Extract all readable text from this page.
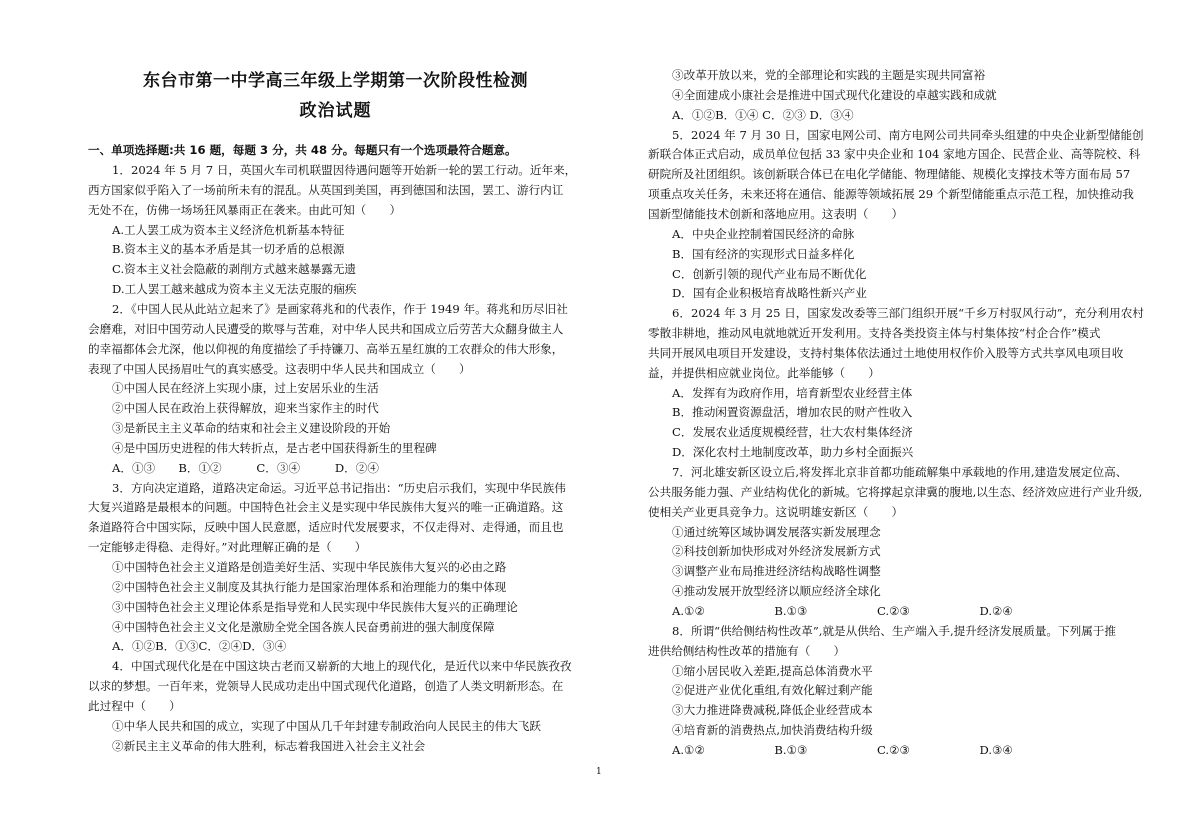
东台市第一中学高三年级上学期第一次阶段性检测
政治试题
一、单项选择题:共 16 题，每题 3 分，共 48 分。每题只有一个选项最符合题意。
1．2024 年 5 月 7 日，英国火车司机联盟因待遇问题等开始新一轮的罢工行动。近年来，
西方国家似乎陷入了一场前所未有的混乱。从英国到美国，再到德国和法国，罢工、游行内讧
无处不在，仿佛一场场狂风暴雨正在袭来。由此可知（　　）
A.工人罢工成为资本主义经济危机新基本特征
B.资本主义的基本矛盾是其一切矛盾的总根源
C.资本主义社会隐蔽的剥削方式越来越暴露无遗
D.工人罢工越来越成为资本主义无法克服的痼疾
2．《中国人民从此站立起来了》是画家蒋兆和的代表作，作于 1949 年。蒋兆和历尽旧社
会磨难，对旧中国劳动人民遭受的欺辱与苦难，对中华人民共和国成立后劳苦大众翻身做主人
的幸福都体会尤深，他以仰视的角度描绘了手持镰刀、高举五星红旗的工农群众的伟大形象，
表现了中国人民扬眉吐气的真实感受。这表明中华人民共和国成立（　　）
①中国人民在经济上实现小康，过上安居乐业的生活
②中国人民在政治上获得解放，迎来当家作主的时代
③是新民主主义革命的结束和社会主义建设阶段的开始
④是中国历史进程的伟大转折点，是古老中国获得新生的里程碑
A．①③　　B．①②　　　C．③④　　　D．②④
3．方向决定道路，道路决定命运。习近平总书记指出：“历史启示我们，实现中华民族伟
大复兴道路是最根本的问题。中国特色社会主义是实现中华民族伟大复兴的唯一正确道路。这
条道路符合中国实际，反映中国人民意愿，适应时代发展要求，不仅走得对、走得通，而且也
一定能够走得稳、走得好。”对此理解正确的是（　　）
①中国特色社会主义道路是创造美好生活、实现中华民族伟大复兴的必由之路
②中国特色社会主义制度及其执行能力是国家治理体系和治理能力的集中体现
③中国特色社会主义理论体系是指导党和人民实现中华民族伟大复兴的正确理论
④中国特色社会主义文化是激励全党全国各族人民奋勇前进的强大制度保障
A．①②B．①③C．②④D．③④
4．中国式现代化是在中国这块古老而又崭新的大地上的现代化，是近代以来中华民族孜孜
以求的梦想。一百年来，党领导人民成功走出中国式现代化道路，创造了人类文明新形态。在
此过程中（　　）
①中华人民共和国的成立，实现了中国从几千年封建专制政治向人民民主的伟大飞跃
②新民主主义革命的伟大胜利，标志着我国进入社会主义社会
③改革开放以来，党的全部理论和实践的主题是实现共同富裕
④全面建成小康社会是推进中国式现代化建设的卓越实践和成就
A．①②B．①④ C．②③ D．③④
5．2024 年 7 月 30 日，国家电网公司、南方电网公司共同牵头组建的中央企业新型储能创
新联合体正式启动，成员单位包括 33 家中央企业和 104 家地方国企、民营企业、高等院校、科
研院所及社团组织。该创新联合体已在电化学储能、物理储能、规模化支撑技术等方面布局 57
项重点攻关任务，未来还将在通信、能源等领域拓展 29 个新型储能重点示范工程，加快推动我
国新型储能技术创新和落地应用。这表明（　　）
A．中央企业控制着国民经济的命脉
B．国有经济的实现形式日益多样化
C．创新引领的现代产业布局不断优化
D．国有企业积极培育战略性新兴产业
6．2024 年 3 月 25 日，国家发改委等三部门组织开展“千乡万村驭风行动”，充分利用农村
零散非耕地，推动风电就地就近开发利用。支持各类投资主体与村集体按“村企合作”模式
共同开展风电项目开发建设，支持村集体依法通过土地使用权作价入股等方式共享风电项目收
益，并提供相应就业岗位。此举能够（　　）
A．发挥有为政府作用，培育新型农业经营主体
B．推动闲置资源盘活，增加农民的财产性收入
C．发展农业适度规模经营，壮大农村集体经济
D．深化农村土地制度改革，助力乡村全面振兴
7．河北雄安新区设立后,将发挥北京非首都功能疏解集中承载地的作用,建造发展定位高、
公共服务能力强、产业结构优化的新城。它将撑起京津冀的腹地,以生态、经济效应进行产业升级,
使相关产业更具竞争力。这说明雄安新区（　　）
①通过统筹区域协调发展落实新发展理念
②科技创新加快形成对外经济发展新方式
③调整产业布局推进经济结构战略性调整
④推动发展开放型经济以顺应经济全球化
A.①②　　　　　　B.①③　　　　　　C.②③　　　　　　D.②④
8．所谓“供给侧结构性改革”,就是从供给、生产端入手,提升经济发展质量。下列属于推
进供给侧结构性改革的措施有（　　）
①缩小居民收入差距,提高总体消费水平
②促进产业优化重组,有效化解过剩产能
③大力推进降费减税,降低企业经营成本
④培育新的消费热点,加快消费结构升级
A.①②　　　　　　B.①③　　　　　　C.②③　　　　　　D.③④
1
